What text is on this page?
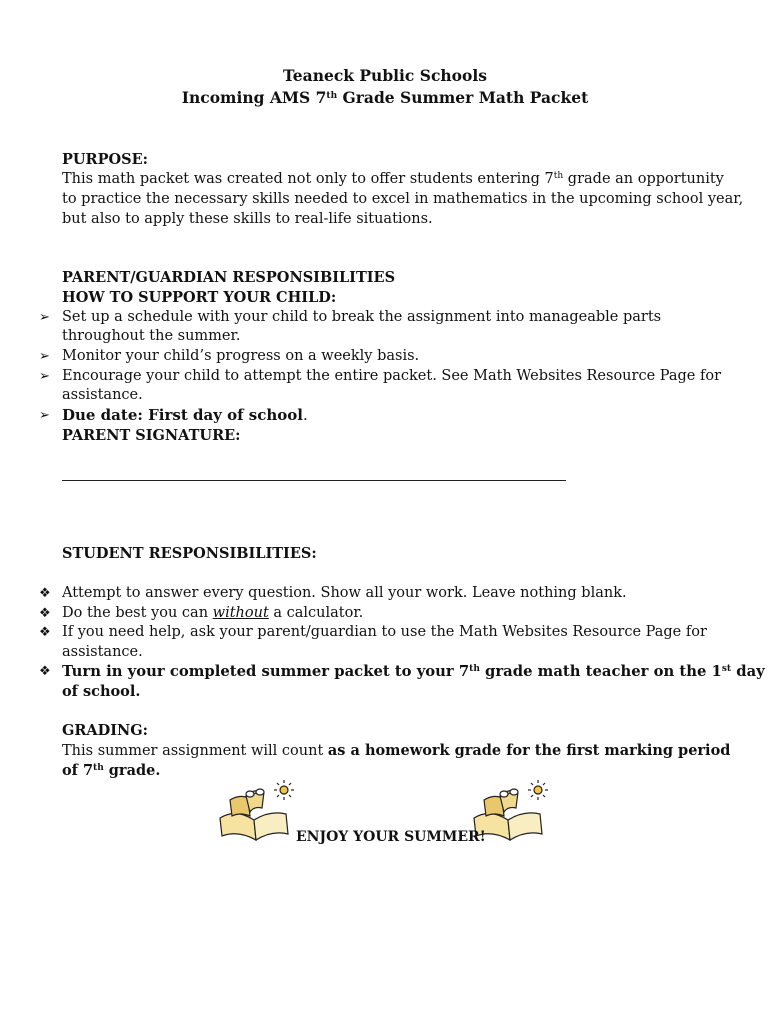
Teaneck Public Schools
Incoming AMS 7th Grade Summer Math Packet
PURPOSE:
This math packet was created not only to offer students entering 7th grade an opportunity
to practice the necessary skills needed to excel in mathematics in the upcoming school year,
but also to apply these skills to real-life situations.
PARENT/GUARDIAN RESPONSIBILITIES
HOW TO SUPPORT YOUR CHILD:
➢ Set up a schedule with your child to break the assignment into manageable parts
throughout the summer.
➢ Monitor your child’s progress on a weekly basis.
➢ Encourage your child to attempt the entire packet. See Math Websites Resource Page for
assistance.
➢ Due date: First day of school.
PARENT SIGNATURE:
STUDENT RESPONSIBILITIES:
❖ Attempt to answer every question. Show all your work. Leave nothing blank.
❖ Do the best you can without a calculator.
❖ If you need help, ask your parent/guardian to use the Math Websites Resource Page for
assistance.
❖ Turn in your completed summer packet to your 7th grade math teacher on the 1st day
of school.
GRADING:
This summer assignment will count as a homework grade for the first marking period
of 7th grade.
ENJOY YOUR SUMMER!
